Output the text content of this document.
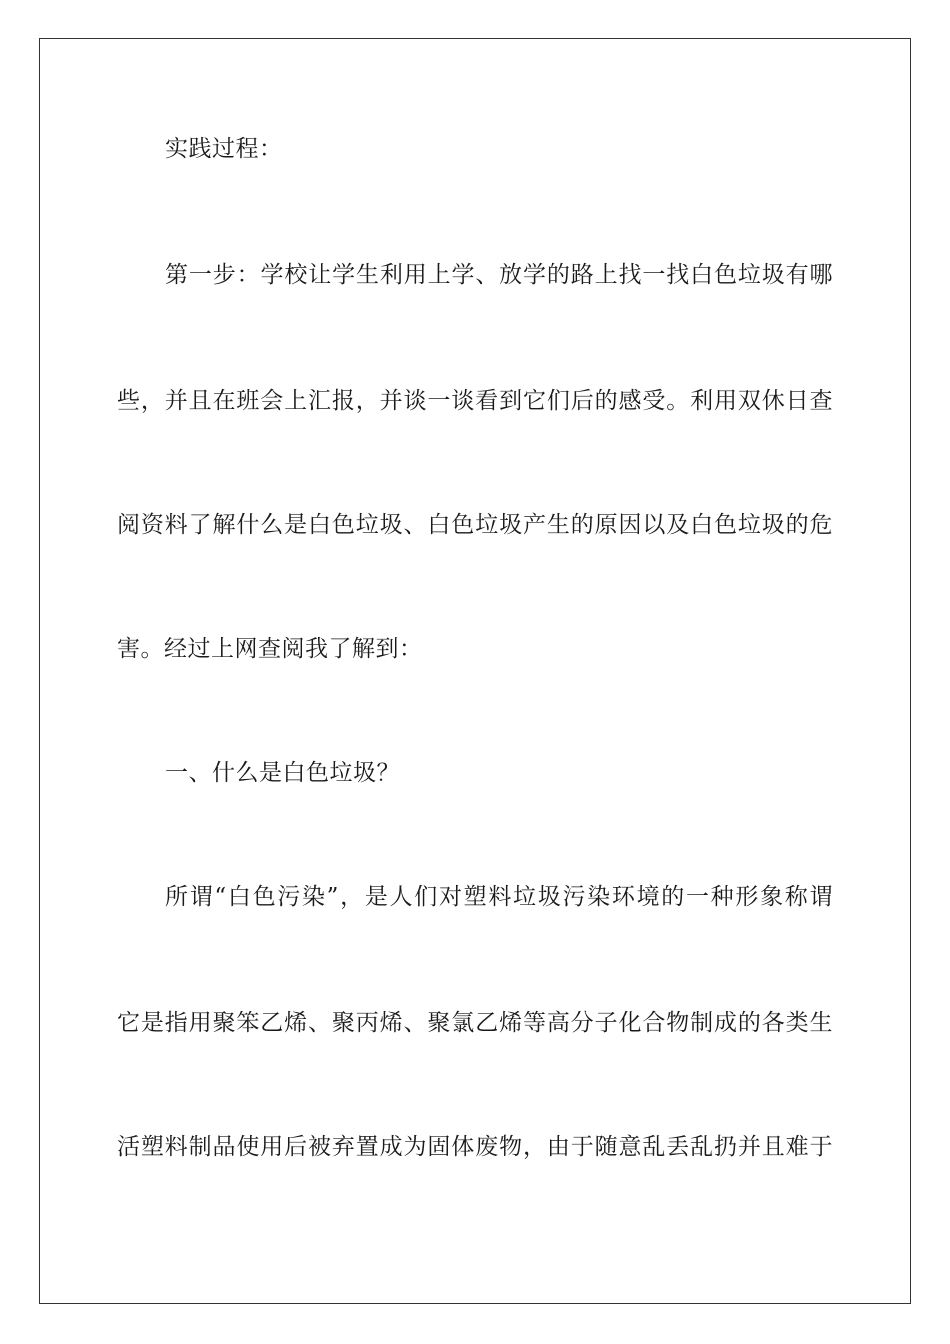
实践过程：
第一步：学校让学生利用上学、放学的路上找一找白色垃圾有哪
些，并且在班会上汇报，并谈一谈看到它们后的感受。利用双休日查
阅资料了解什么是白色垃圾、白色垃圾产生的原因以及白色垃圾的危
害。经过上网查阅我了解到：
一、什么是白色垃圾？
所谓“白色污染”，是人们对塑料垃圾污染环境的一种形象称谓
它是指用聚笨乙烯、聚丙烯、聚氯乙烯等高分子化合物制成的各类生
活塑料制品使用后被弃置成为固体废物，由于随意乱丢乱扔并且难于
